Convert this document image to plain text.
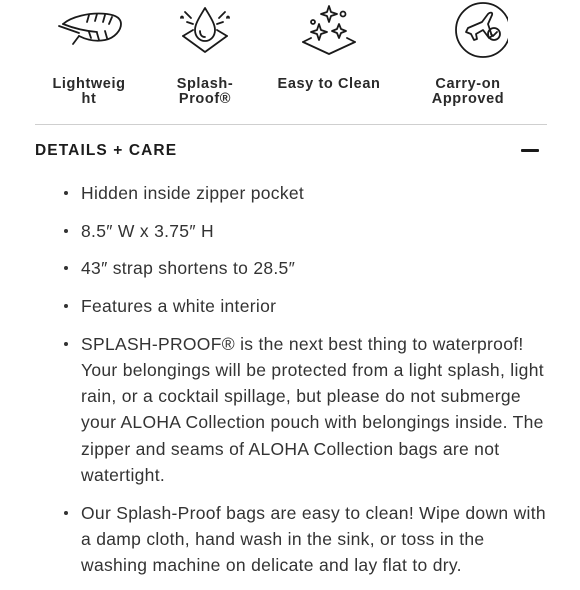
Lightweight
Splash-Proof®
Easy to Clean	Carry-on Approved
DETAILS + CARE
Hidden inside zipper pocket
8.5″ W x 3.75″ H
43″ strap shortens to 28.5″
Features a white interior
SPLASH-PROOF® is the next best thing to waterproof! Your belongings will be protected from a light splash, light rain, or a cocktail spillage, but please do not submerge your ALOHA Collection pouch with belongings inside. The zipper and seams of ALOHA Collection bags are not watertight.
Our Splash-Proof bags are easy to clean! Wipe down with a damp cloth, hand wash in the sink, or toss in the washing machine on delicate and lay flat to dry.
